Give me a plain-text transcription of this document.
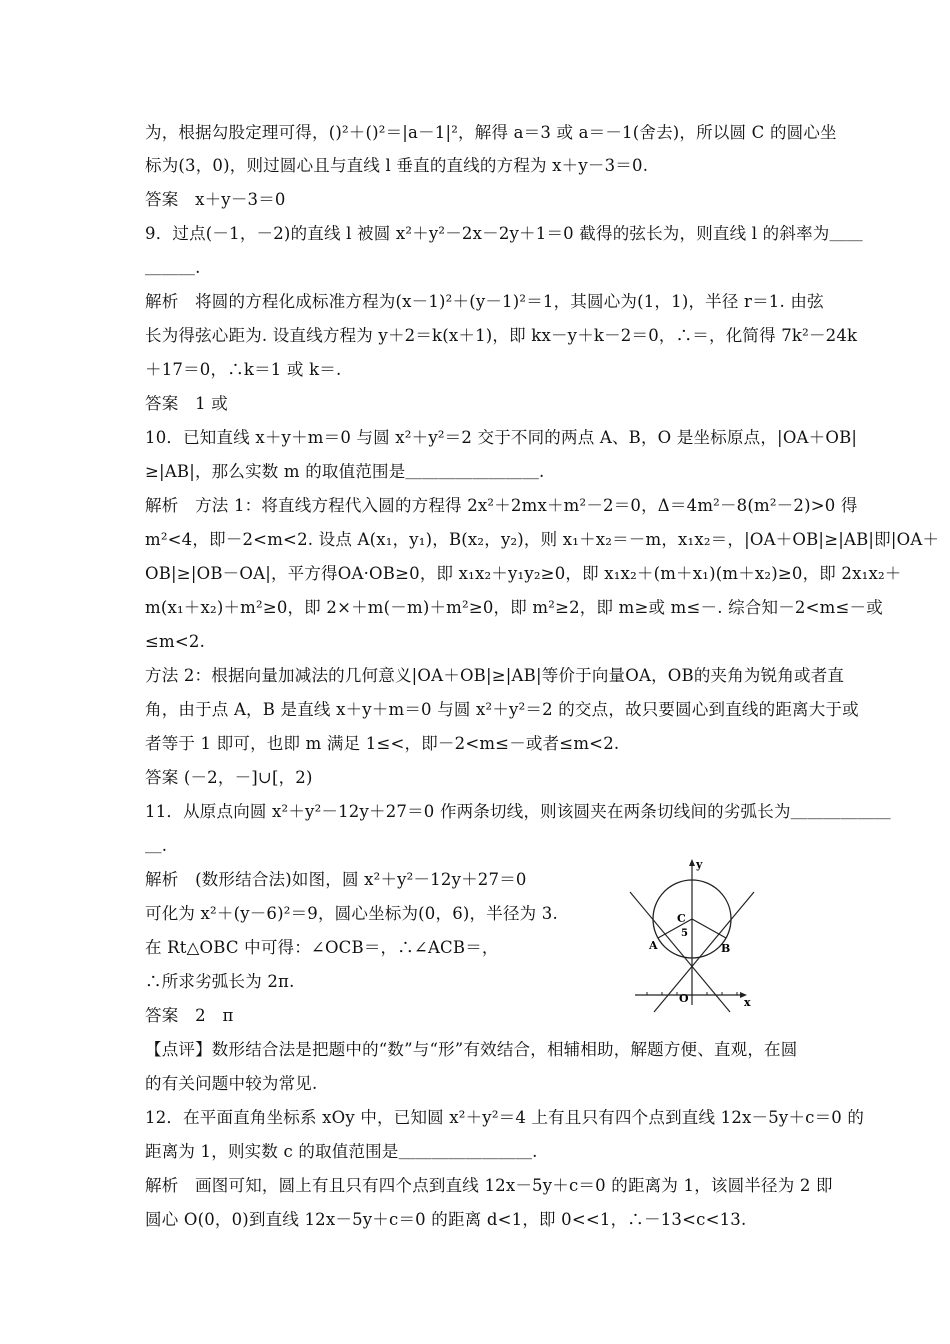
为，根据勾股定理可得，()²＋()²＝|a－1|²，解得 a＝3 或 a＝－1(舍去)，所以圆 C 的圆心坐
标为(3，0)，则过圆心且与直线 l 垂直的直线的方程为 x＋y－3＝0.
答案　x＋y－3＝0
9．过点(－1，－2)的直线 l 被圆 x²＋y²－2x－2y＋1＝0 截得的弦长为，则直线 l 的斜率为＿＿
＿＿＿.
解析　将圆的方程化成标准方程为(x－1)²＋(y－1)²＝1，其圆心为(1，1)，半径 r＝1. 由弦
长为得弦心距为. 设直线方程为 y＋2＝k(x＋1)，即 kx－y＋k－2＝0，∴＝，化简得 7k²－24k
＋17＝0，∴k＝1 或 k＝.
答案　1 或
10．已知直线 x＋y＋m＝0 与圆 x²＋y²＝2 交于不同的两点 A、B，O 是坐标原点，|OA＋OB|
≥|AB|，那么实数 m 的取值范围是＿＿＿＿＿＿＿＿.
解析　方法 1：将直线方程代入圆的方程得 2x²＋2mx＋m²－2＝0，Δ＝4m²－8(m²－2)>0 得
m²<4，即－2<m<2. 设点 A(x₁，y₁)，B(x₂，y₂)，则 x₁＋x₂＝－m，x₁x₂＝，|OA＋OB|≥|AB|即|OA＋
OB|≥|OB－OA|，平方得OA·OB≥0，即 x₁x₂＋y₁y₂≥0，即 x₁x₂＋(m＋x₁)(m＋x₂)≥0，即 2x₁x₂＋
m(x₁＋x₂)＋m²≥0，即 2×＋m(－m)＋m²≥0，即 m²≥2，即 m≥或 m≤－. 综合知－2<m≤－或
≤m<2.
方法 2：根据向量加减法的几何意义|OA＋OB|≥|AB|等价于向量OA，OB的夹角为锐角或者直
角，由于点 A，B 是直线 x＋y＋m＝0 与圆 x²＋y²＝2 的交点，故只要圆心到直线的距离大于或
者等于 1 即可，也即 m 满足 1≤<，即－2<m≤－或者≤m<2.
答案 (－2，－]∪[，2)
11．从原点向圆 x²＋y²－12y＋27＝0 作两条切线，则该圆夹在两条切线间的劣弧长为＿＿＿＿＿＿
＿.
解析　(数形结合法)如图，圆 x²＋y²－12y＋27＝0
可化为 x²＋(y－6)²＝9，圆心坐标为(0，6)，半径为 3.
在 Rt△OBC 中可得：∠OCB＝，∴∠ACB＝，
∴所求劣弧长为 2π.
答案　2　π
【点评】数形结合法是把题中的“数”与“形”有效结合，相辅相助，解题方便、直观，在圆
的有关问题中较为常见.
12．在平面直角坐标系 xOy 中，已知圆 x²＋y²＝4 上有且只有四个点到直线 12x－5y＋c＝0 的
距离为 1，则实数 c 的取值范围是＿＿＿＿＿＿＿＿.
解析　画图可知，圆上有且只有四个点到直线 12x－5y＋c＝0 的距离为 1，该圆半径为 2 即
圆心 O(0，0)到直线 12x－5y＋c＝0 的距离 d<1，即 0<<1，∴－13<c<13.
y
x
C
5
A	B
O
